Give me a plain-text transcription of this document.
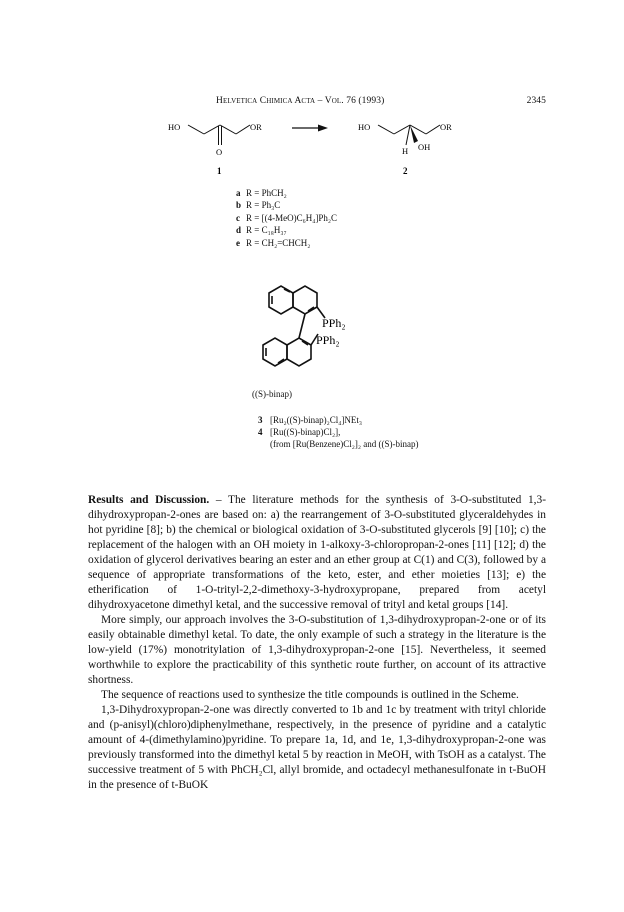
Helvetica Chimica Acta – Vol. 76 (1993)	2345
HO	OR
O
1
HO	OR
OH
H
2
PPh₂
PPh₂
a R = PhCH₂
b R = Ph₃C
c R = [(4-MeO)C₆H₄]Ph₂C
d R = C₁₈H₃₇
e R = CH₂=CHCH₂
((S)-binap)
3 [Ru₂((S)-binap)₂Cl₄]NEt₃
4 [Ru((S)-binap)Cl₂],
(from [Ru(Benzene)Cl₂]₂ and ((S)-binap)

Results and Discussion. – The literature methods for the synthesis of 3-O-substituted 1,3-dihydroxypropan-2-ones are based on: a) the rearrangement of 3-O-substituted glyceraldehydes in hot pyridine [8]; b) the chemical or biological oxidation of 3-O-substituted glycerols [9] [10]; c) the replacement of the halogen with an OH moiety in 1-alkoxy-3-chloropropan-2-ones [11] [12]; d) the oxidation of glycerol derivatives bearing an ester and an ether group at C(1) and C(3), followed by a sequence of appropriate transformations of the keto, ester, and ether moieties [13]; e) the etherification of 1-O-trityl-2,2-dimethoxy-3-hydroxypropane, prepared from acetyl dihydroxyacetone dimethyl ketal, and the successive removal of trityl and ketal groups [14].

More simply, our approach involves the 3-O-substitution of 1,3-dihydroxypropan-2-one or of its easily obtainable dimethyl ketal. To date, the only example of such a strategy in the literature is the low-yield (17%) monotritylation of 1,3-dihydroxypropan-2-one [15]. Nevertheless, it seemed worthwhile to explore the practicability of this synthetic route further, on account of its attractive shortness.

The sequence of reactions used to synthesize the title compounds is outlined in the Scheme.

1,3-Dihydroxypropan-2-one was directly converted to 1b and 1c by treatment with trityl chloride and (p-anisyl)(chloro)diphenylmethane, respectively, in the presence of pyridine and a catalytic amount of 4-(dimethylamino)pyridine. To prepare 1a, 1d, and 1e, 1,3-dihydroxypropan-2-one was previously transformed into the dimethyl ketal 5 by reaction in MeOH, with TsOH as a catalyst. The successive treatment of 5 with PhCH₂Cl, allyl bromide, and octadecyl methanesulfonate in t-BuOH in the presence of t-BuOK
